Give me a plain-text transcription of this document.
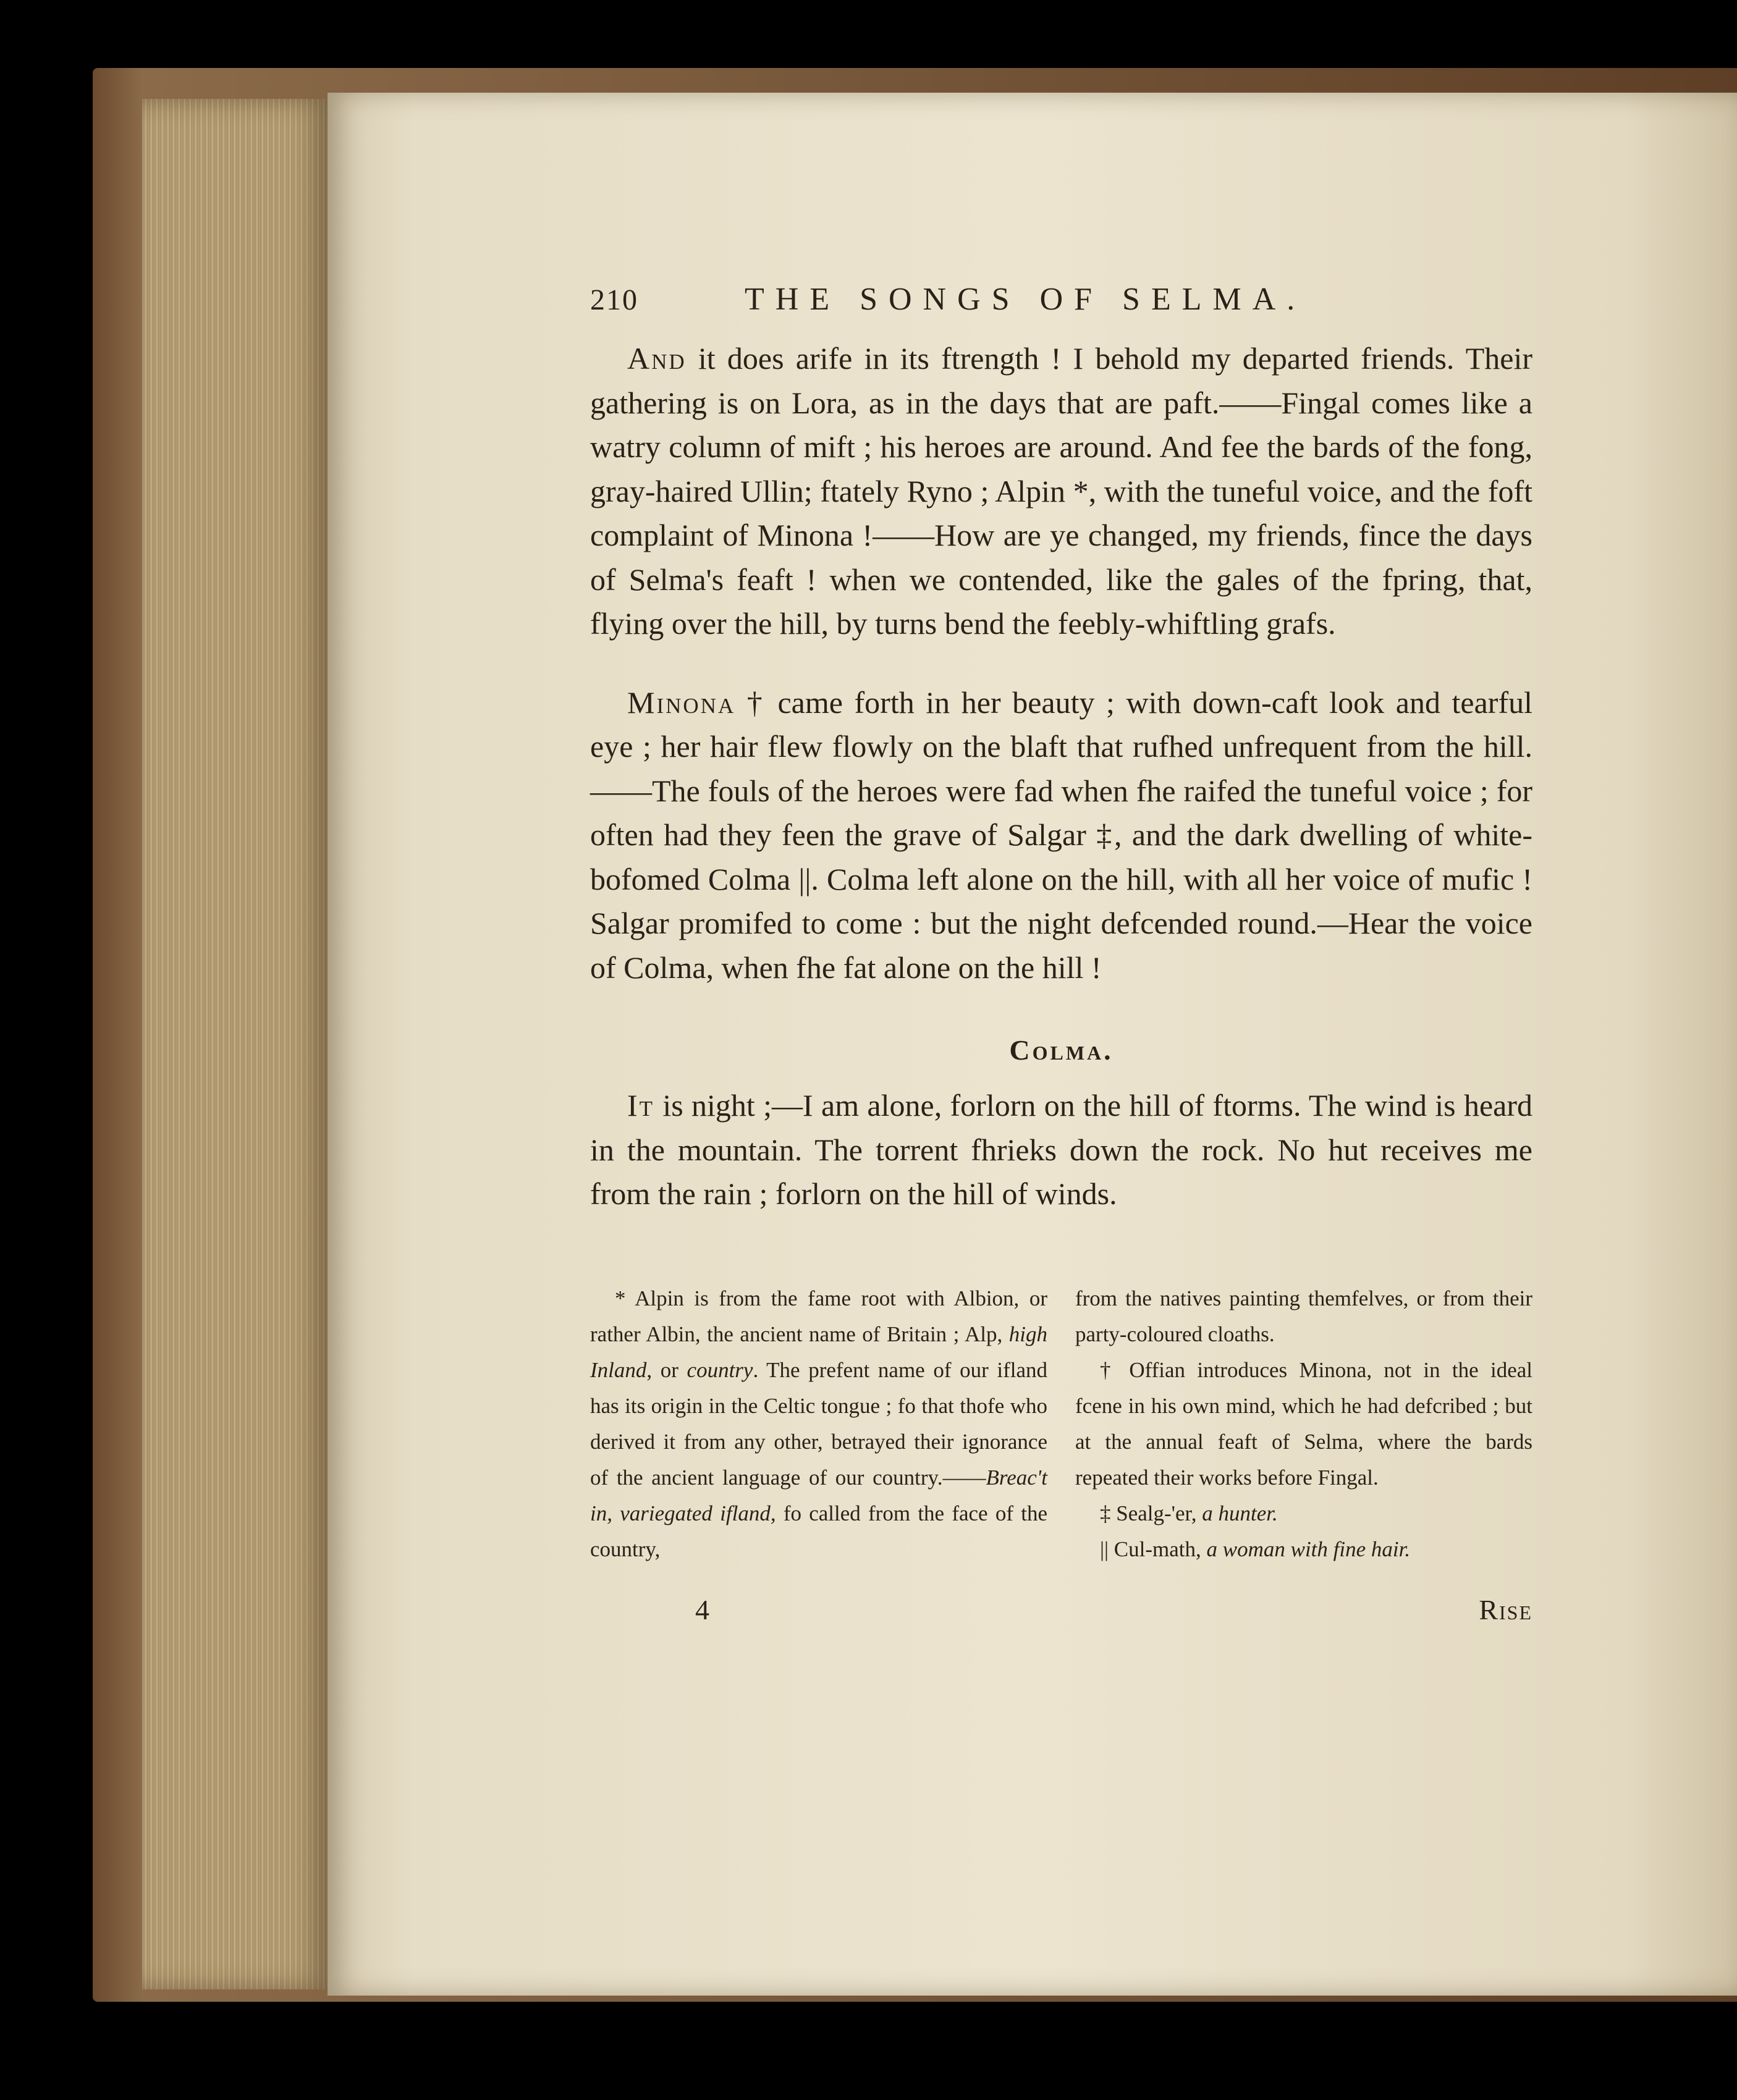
210	THE SONGS OF SELMA.

And it does arife in its ftrength ! I behold my departed friends. Their gathering is on Lora, as in the days that are paft.——Fingal comes like a watry column of mift ; his heroes are around. And fee the bards of the fong, gray-haired Ullin; ftately Ryno ; Alpin *, with the tuneful voice, and the foft complaint of Minona !——How are ye changed, my friends, fince the days of Selma's feaft ! when we contended, like the gales of the fpring, that, flying over the hill, by turns bend the feebly-whiftling grafs.

Minona † came forth in her beauty ; with down-caft look and tearful eye ; her hair flew flowly on the blaft that rufhed unfrequent from the hill.——The fouls of the heroes were fad when fhe raifed the tuneful voice ; for often had they feen the grave of Salgar ‡, and the dark dwelling of white-bofomed Colma ||. Colma left alone on the hill, with all her voice of mufic ! Salgar promifed to come : but the night defcended round.—Hear the voice of Colma, when fhe fat alone on the hill !

Colma.

It is night ;—I am alone, forlorn on the hill of ftorms. The wind is heard in the mountain. The torrent fhrieks down the rock. No hut receives me from the rain ; forlorn on the hill of winds.

* Alpin is from the fame root with Albion, or rather Albin, the ancient name of Britain ; Alp, high Inland, or country. The prefent name of our ifland has its origin in the Celtic tongue ; fo that thofe who derived it from any other, betrayed their ignorance of the ancient language of our country.——Breac't in, variegated ifland, fo called from the face of the country,

from the natives painting themfelves, or from their party-coloured cloaths.

† Offian introduces Minona, not in the ideal fcene in his own mind, which he had defcribed ; but at the annual feaft of Selma, where the bards repeated their works before Fingal.

‡ Sealg-'er, a hunter.

|| Cul-math, a woman with fine hair.

4	Rise
